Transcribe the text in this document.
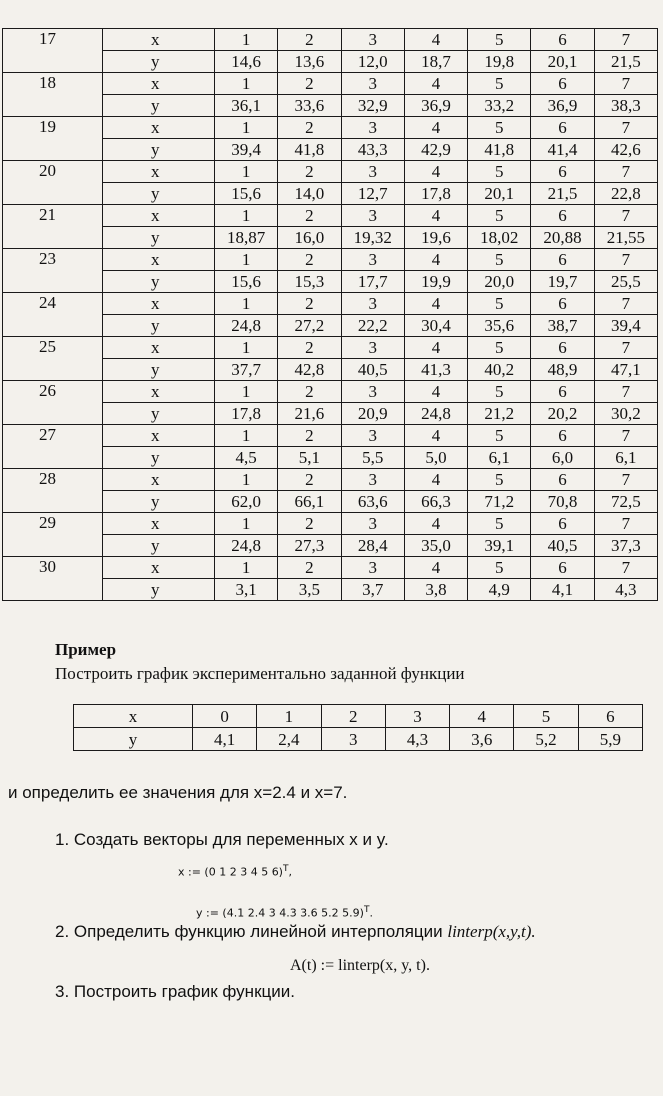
17	x	1	2	3	4	5	6	7
	y	14,6	13,6	12,0	18,7	19,8	20,1	21,5
18	x	1	2	3	4	5	6	7
	y	36,1	33,6	32,9	36,9	33,2	36,9	38,3
19	x	1	2	3	4	5	6	7
	y	39,4	41,8	43,3	42,9	41,8	41,4	42,6
20	x	1	2	3	4	5	6	7
	y	15,6	14,0	12,7	17,8	20,1	21,5	22,8
21	x	1	2	3	4	5	6	7
	y	18,87	16,0	19,32	19,6	18,02	20,88	21,55
23	x	1	2	3	4	5	6	7
	y	15,6	15,3	17,7	19,9	20,0	19,7	25,5
24	x	1	2	3	4	5	6	7
	y	24,8	27,2	22,2	30,4	35,6	38,7	39,4
25	x	1	2	3	4	5	6	7
	y	37,7	42,8	40,5	41,3	40,2	48,9	47,1
26	x	1	2	3	4	5	6	7
	y	17,8	21,6	20,9	24,8	21,2	20,2	30,2
27	x	1	2	3	4	5	6	7
	y	4,5	5,1	5,5	5,0	6,1	6,0	6,1
28	x	1	2	3	4	5	6	7
	y	62,0	66,1	63,6	66,3	71,2	70,8	72,5
29	x	1	2	3	4	5	6	7
	y	24,8	27,3	28,4	35,0	39,1	40,5	37,3
30	x	1	2	3	4	5	6	7
	y	3,1	3,5	3,7	3,8	4,9	4,1	4,3
Пример
Построить график экспериментально заданной функции
x	0	1	2	3	4	5	6
y	4,1	2,4	3	4,3	3,6	5,2	5,9
и определить ее значения для x=2.4 и x=7.
1. Создать векторы для переменных x и y.
x := (0 1 2 3 4 5 6)$^T$,
y := (4.1 2.4 3 4.3 3.6 5.2 5.9)$^T$.
2. Определить функцию линейной интерполяции linterp(x,y,t).
A(t) := linterp(x, y, t).
3. Построить график функции.
